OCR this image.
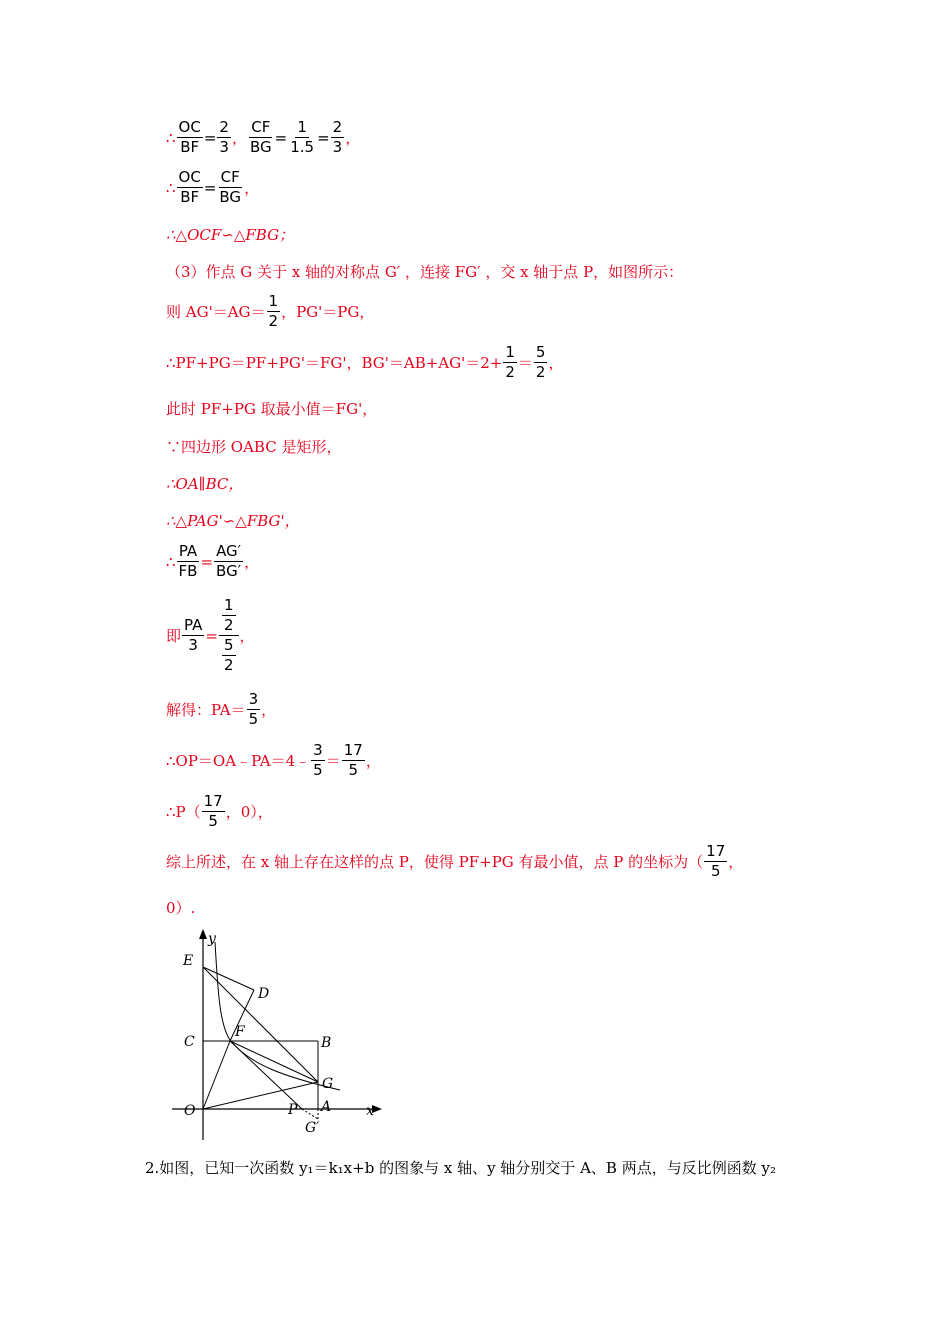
∴ $\frac{OC}{BF} = \frac{2}{3}$ ， $\frac{CF}{BG} = \frac{1}{1.5} = \frac{2}{3}$ ，
∴ $\frac{OC}{BF} = \frac{CF}{BG}$ ，
∴△OCF∽△FBG；
（3）作点 G 关于 x 轴的对称点 G′ ，连接 FG′ ，交 x 轴于点 P，如图所示：
则 $AG'=AG= \frac{1}{2}$ ，PG'＝PG，
∴PF+PG＝PF+PG'＝FG'，$BG'=AB+AG'=2+ \frac{1}{2} = \frac{5}{2}$ ，
此时 PF+PG 取最小值＝FG'，
∵四边形 OABC 是矩形，
∴OA∥BC，
∴△PAG'∽△FBG'，
∴ $\frac{PA}{FB} = \frac{AG'}{BG'}$ ，
即 $\frac{PA}{3} = \frac{\frac{1}{2}}{\frac{5}{2}}$ ，
解得：$PA= \frac{3}{5}$ ，
∴OP＝OA﹣PA＝4﹣ $\frac{3}{5} = \frac{17}{5}$ ，
∴P（ $\frac{17}{5}$ ，0），
综上所述，在 x 轴上存在这样的点 P，使得 PF+PG 有最小值，点 P 的坐标为（ $\frac{17}{5}$ ，
0）.
y
x
E
D
C
F
B
G
O	P A
G′
2.如图，已知一次函数 y₁＝k₁x+b 的图象与 x 轴、y 轴分别交于 A、B 两点，与反比例函数 y₂
